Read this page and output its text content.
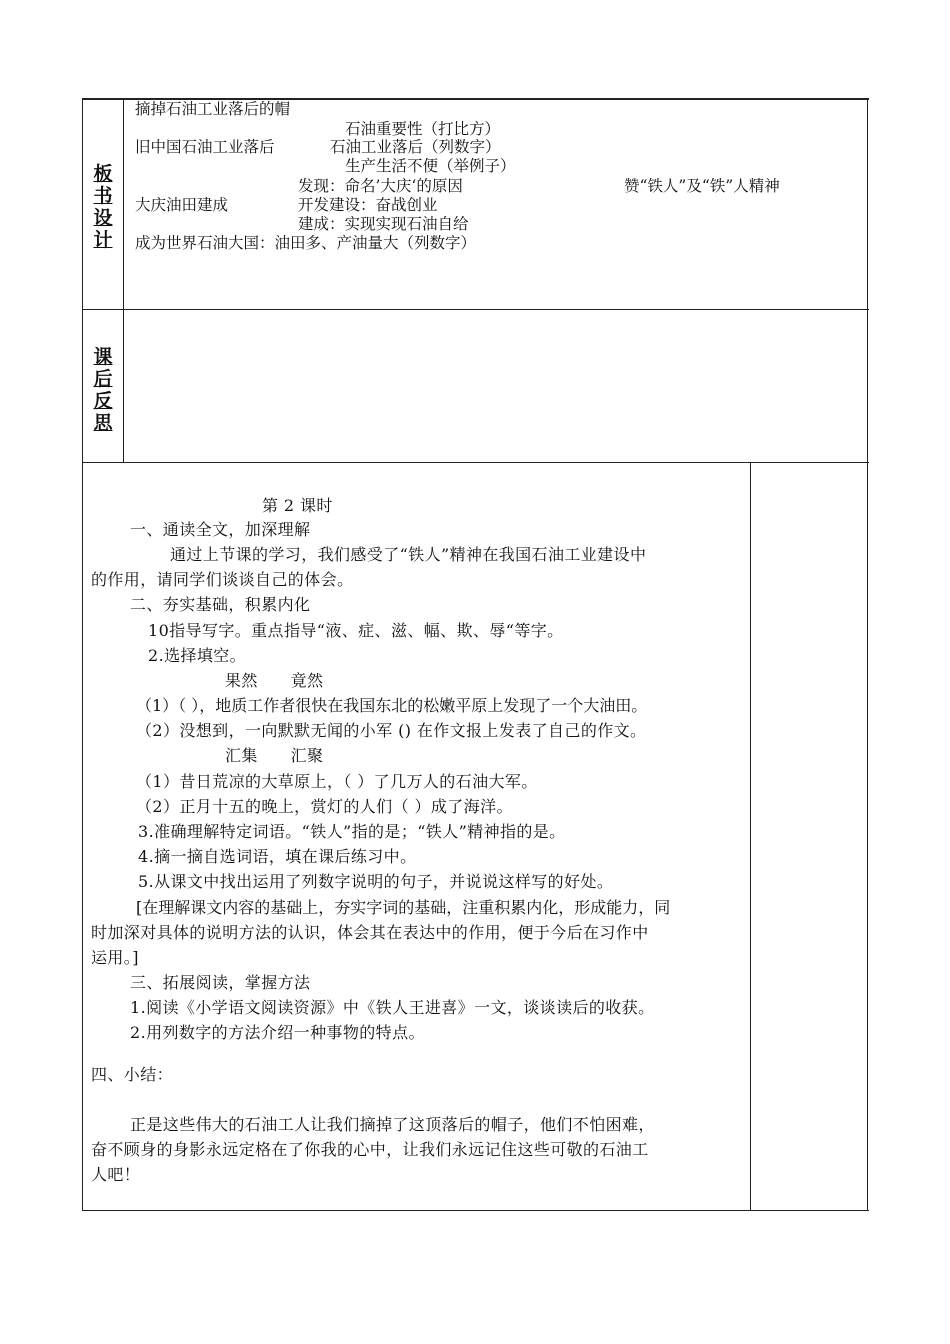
板
书
设
计
摘掉石油工业落后的帽
石油重要性（打比方）
旧中国石油工业落后	石油工业落后（列数字）
生产生活不便（举例子）
发现：命名’大庆‘的原因	赞“铁人”及“铁”人精神
大庆油田建成	开发建设：奋战创业
建成：实现实现石油自给
成为世界石油大国：油田多、产油量大（列数字）
课
后
反
思
第 2 课时
一、通读全文，加深理解
通过上节课的学习，我们感受了“铁人”精神在我国石油工业建设中
的作用，请同学们谈谈自己的体会。
二、夯实基础，积累内化
10指导写字。重点指导“液、症、滋、幅、欺、辱“等字。
2.选择填空。
果然　　竟然
（1）（ ），地质工作者很快在我国东北的松嫩平原上发现了一个大油田。
（2）没想到，一向默默无闻的小军 () 在作文报上发表了自己的作文。
汇集　　汇聚
（1）昔日荒凉的大草原上，（ ）了几万人的石油大军。
（2）正月十五的晚上，赏灯的人们（ ）成了海洋。
3.准确理解特定词语。“铁人”指的是；“铁人”精神指的是。
4.摘一摘自选词语，填在课后练习中。
5.从课文中找出运用了列数字说明的句子，并说说这样写的好处。
[在理解课文内容的基础上，夯实字词的基础，注重积累内化，形成能力，同
时加深对具体的说明方法的认识，体会其在表达中的作用，便于今后在习作中
运用。]
三、拓展阅读，掌握方法
1.阅读《小学语文阅读资源》中《铁人王进喜》一文，谈谈读后的收获。
2.用列数字的方法介绍一种事物的特点。
四、小结：
正是这些伟大的石油工人让我们摘掉了这顶落后的帽子，他们不怕困难，
奋不顾身的身影永远定格在了你我的心中，让我们永远记住这些可敬的石油工
人吧！
